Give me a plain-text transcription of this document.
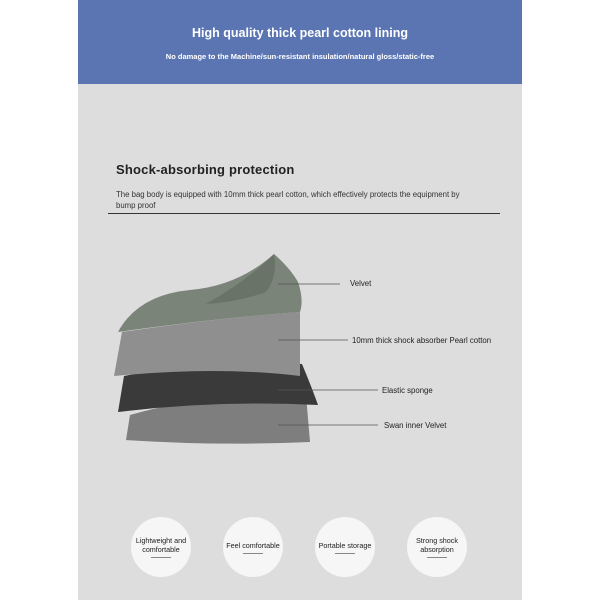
High quality thick pearl cotton lining
No damage to the Machine/sun-resistant insulation/natural gloss/static-free
Shock-absorbing protection
The bag body is equipped with 10mm thick pearl cotton, which effectively protects the equipment by bump proof
Velvet
10mm thick shock absorber Pearl cotton
Elastic sponge
Swan inner Velvet
Lightweight and comfortable	Feel comfortable	Portable storage	Strong shock absorption
